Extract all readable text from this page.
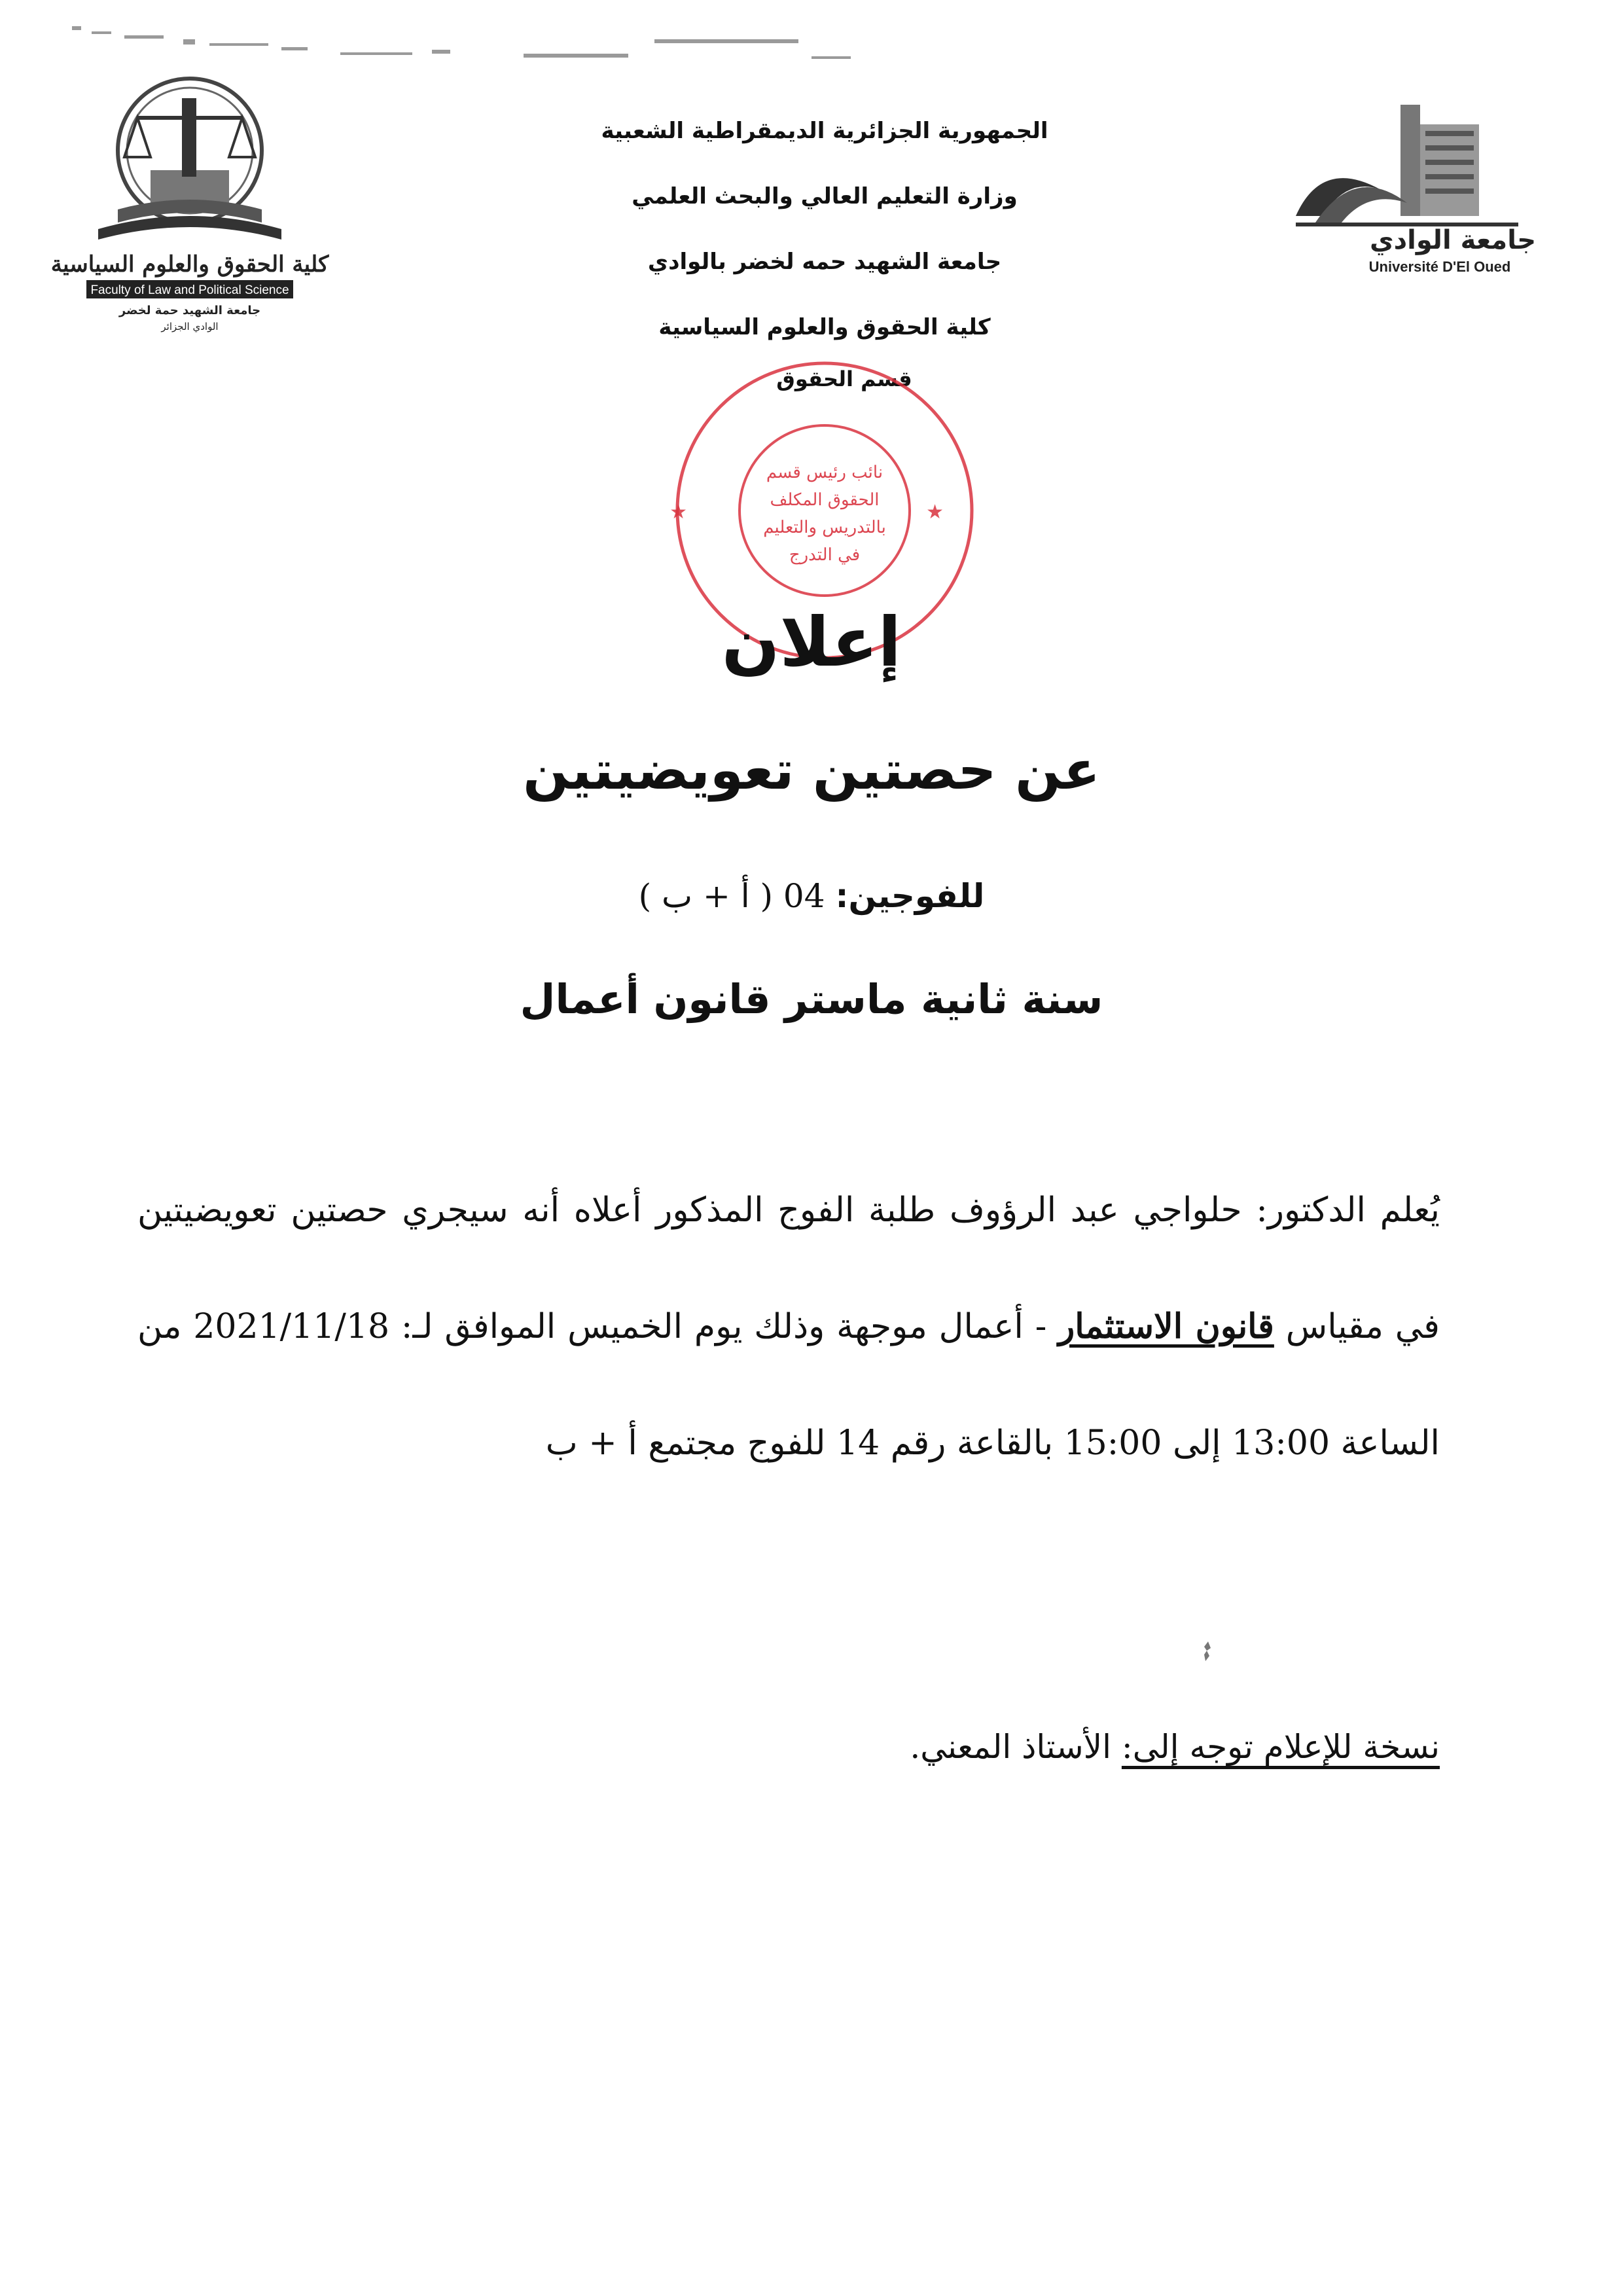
كلية الحقوق والعلوم السياسية
Faculty of Law and Political Science
جامعة الشهيد حمة لخضر
الوادي الجزائر
جامعة الوادي
Université D'El Oued
الجمهورية الجزائرية الديمقراطية الشعبية
وزارة التعليم العالي والبحث العلمي
جامعة الشهيد حمه لخضر بالوادي
كلية الحقوق والعلوم السياسية
قسم الحقوق
★	★
نائب رئيس قسم
الحقوق المكلف
بالتدريس والتعليم
في التدرج
إعلان
عن حصتين تعويضيتين
للفوجين: 04 ( أ + ب )
سنة ثانية ماستر قانون أعمال
يُعلم الدكتور: حلواجي عبد الرؤوف طلبة الفوج المذكور أعلاه أنه سيجري حصتين تعويضيتين في مقياس قانون الاستثمار - أعمال موجهة وذلك يوم الخميس الموافق لـ: 2021/11/18 من الساعة 13:00 إلى 15:00 بالقاعة رقم 14 للفوج مجتمع أ + ب
نسخة للإعلام توجه إلى: الأستاذ المعني.
